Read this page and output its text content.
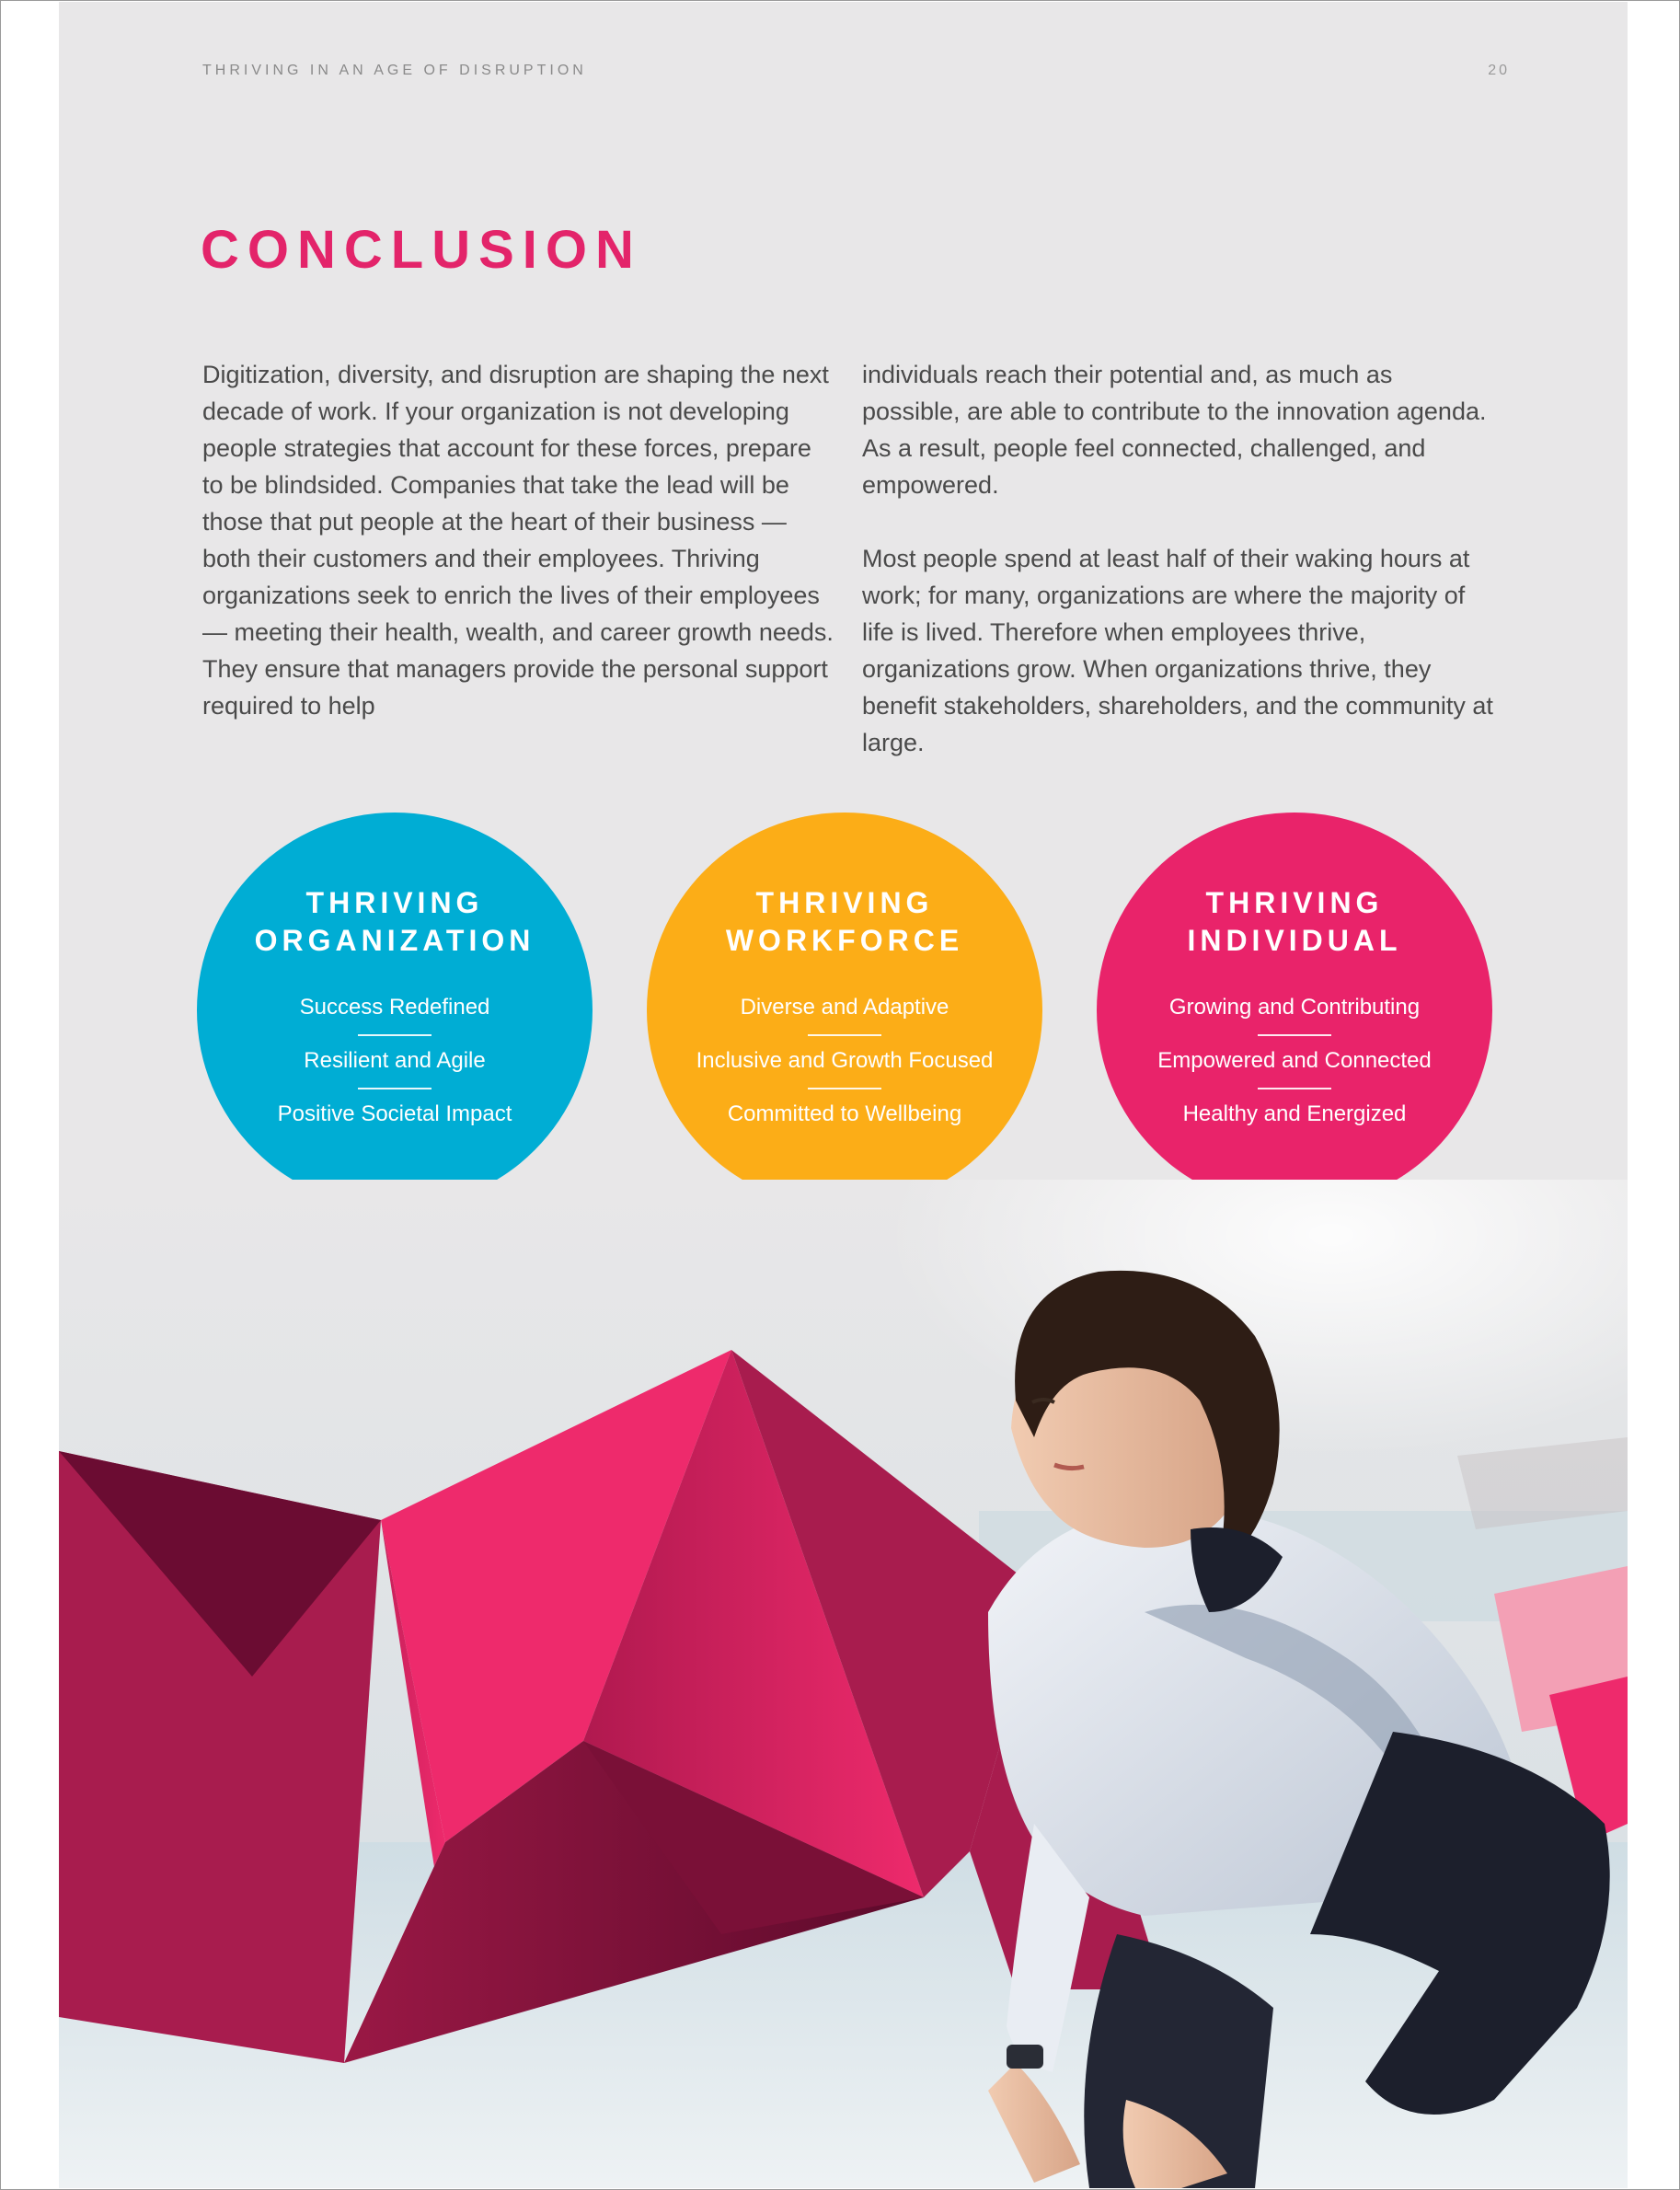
THRIVING IN AN AGE OF DISRUPTION	20
CONCLUSION

Digitization, diversity, and disruption are shaping the next decade of work. If your organization is not developing people strategies that account for these forces, prepare to be blindsided. Companies that take the lead will be those that put people at the heart of their business — both their customers and their employees. Thriving organizations seek to enrich the lives of their employees — meeting their health, wealth, and career growth needs. They ensure that managers provide the personal support required to help

individuals reach their potential and, as much as possible, are able to contribute to the innovation agenda. As a result, people feel connected, challenged, and empowered.

Most people spend at least half of their waking hours at work; for many, organizations are where the majority of life is lived. Therefore when employees thrive, organizations grow. When organizations thrive, they benefit stakeholders, shareholders, and the community at large.

THRIVING
ORGANIZATION
Success Redefined
Resilient and Agile
Positive Societal Impact
THRIVING
WORKFORCE
Diverse and Adaptive
Inclusive and Growth Focused
Committed to Wellbeing
THRIVING
INDIVIDUAL
Growing and Contributing
Empowered and Connected
Healthy and Energized
